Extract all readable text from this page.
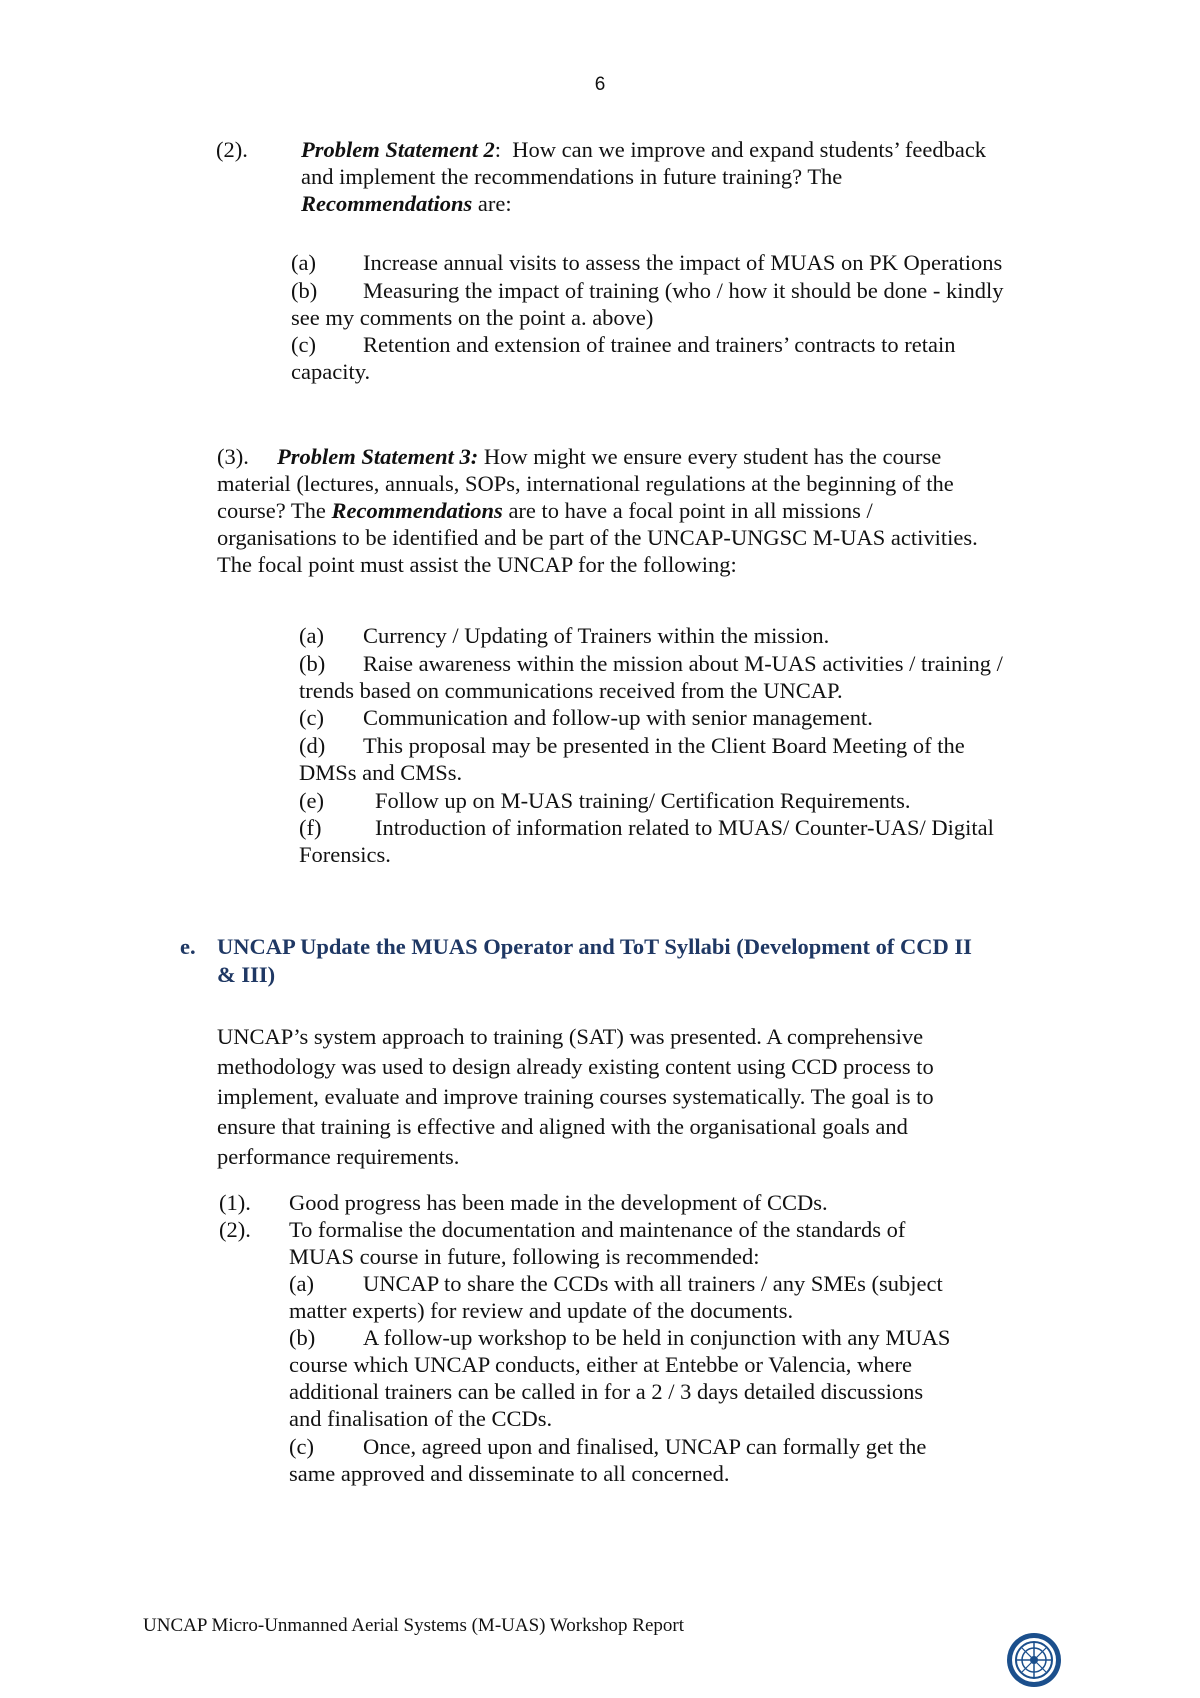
6
(2). Problem Statement 2: How can we improve and expand students’ feedback
and implement the recommendations in future training? The
Recommendations are:
(a) Increase annual visits to assess the impact of MUAS on PK Operations
(b) Measuring the impact of training (who / how it should be done - kindly
see my comments on the point a. above)
(c) Retention and extension of trainee and trainers’ contracts to retain
capacity.
(3). Problem Statement 3: How might we ensure every student has the course
material (lectures, annuals, SOPs, international regulations at the beginning of the
course? The Recommendations are to have a focal point in all missions /
organisations to be identified and be part of the UNCAP-UNGSC M-UAS activities.
The focal point must assist the UNCAP for the following:
(a) Currency / Updating of Trainers within the mission.
(b) Raise awareness within the mission about M-UAS activities / training /
trends based on communications received from the UNCAP.
(c) Communication and follow-up with senior management.
(d) This proposal may be presented in the Client Board Meeting of the
DMSs and CMSs.
(e) Follow up on M-UAS training/ Certification Requirements.
(f) Introduction of information related to MUAS/ Counter-UAS/ Digital
Forensics.
e. UNCAP Update the MUAS Operator and ToT Syllabi (Development of CCD II
& III)
UNCAP’s system approach to training (SAT) was presented. A comprehensive
methodology was used to design already existing content using CCD process to
implement, evaluate and improve training courses systematically. The goal is to
ensure that training is effective and aligned with the organisational goals and
performance requirements.
(1). Good progress has been made in the development of CCDs.
(2). To formalise the documentation and maintenance of the standards of
MUAS course in future, following is recommended:
(a) UNCAP to share the CCDs with all trainers / any SMEs (subject
matter experts) for review and update of the documents.
(b) A follow-up workshop to be held in conjunction with any MUAS
course which UNCAP conducts, either at Entebbe or Valencia, where
additional trainers can be called in for a 2 / 3 days detailed discussions
and finalisation of the CCDs.
(c) Once, agreed upon and finalised, UNCAP can formally get the
same approved and disseminate to all concerned.
UNCAP Micro-Unmanned Aerial Systems (M-UAS) Workshop Report
